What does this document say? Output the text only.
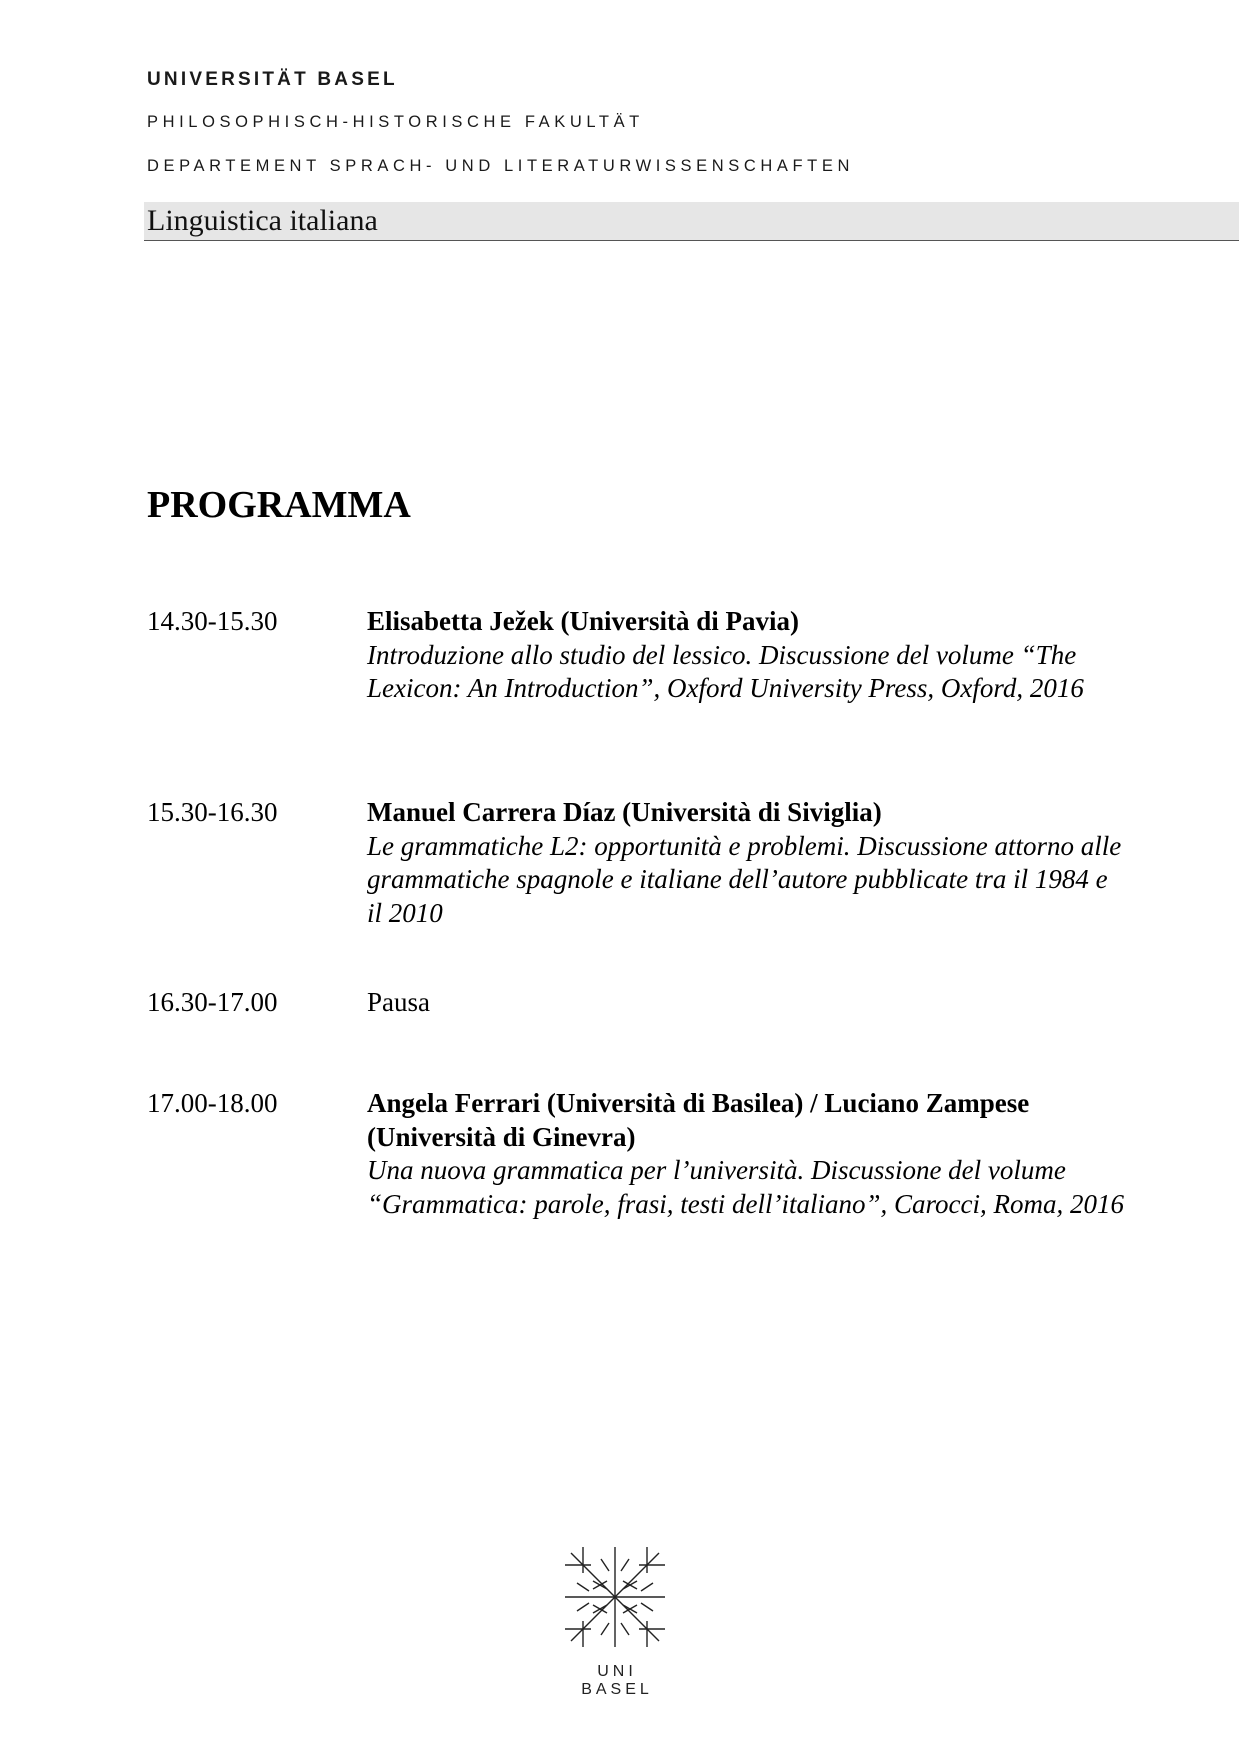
UNIVERSITÄT BASEL
PHILOSOPHISCH-HISTORISCHE FAKULTÄT
DEPARTEMENT SPRACH- UND LITERATURWISSENSCHAFTEN
Linguistica italiana
PROGRAMMA
14.30-15.30	Elisabetta Ježek (Università di Pavia)
Introduzione allo studio del lessico. Discussione del volume “The Lexicon: An Introduction”, Oxford University Press, Oxford, 2016
15.30-16.30	Manuel Carrera Díaz (Università di Siviglia)
Le grammatiche L2: opportunità e problemi. Discussione attorno alle grammatiche spagnole e italiane dell’autore pubblicate tra il 1984 e il 2010
16.30-17.00	Pausa
17.00-18.00	Angela Ferrari (Università di Basilea) / Luciano Zampese (Università di Ginevra)
Una nuova grammatica per l’università. Discussione del volume “Grammatica: parole, frasi, testi dell’italiano”, Carocci, Roma, 2016
UNI
BASEL
